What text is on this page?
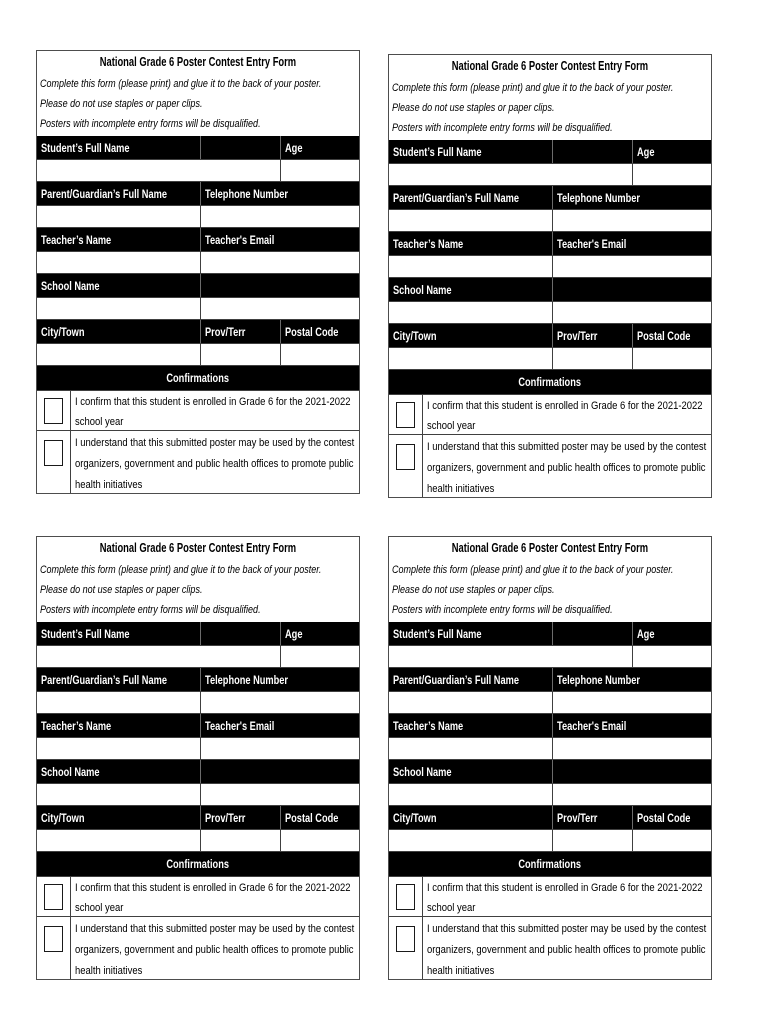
National Grade 6 Poster Contest Entry Form
Complete this form (please print) and glue it to the back of your poster.
Please do not use staples or paper clips.
Posters with incomplete entry forms will be disqualified.
Student’s Full Name	Age
Parent/Guardian’s Full Name	Telephone Number
Teacher’s Name	Teacher's Email
School Name
City/Town	Prov/Terr	Postal Code
Confirmations
I confirm that this student is enrolled in Grade 6 for the 2021-2022
school year
I understand that this submitted poster may be used by the contest
organizers, government and public health offices to promote public
health initiatives
National Grade 6 Poster Contest Entry Form
Complete this form (please print) and glue it to the back of your poster.
Please do not use staples or paper clips.
Posters with incomplete entry forms will be disqualified.
Student’s Full Name	Age
Parent/Guardian’s Full Name	Telephone Number
Teacher’s Name	Teacher's Email
School Name
City/Town	Prov/Terr	Postal Code
Confirmations
I confirm that this student is enrolled in Grade 6 for the 2021-2022
school year
I understand that this submitted poster may be used by the contest
organizers, government and public health offices to promote public
health initiatives
National Grade 6 Poster Contest Entry Form
Complete this form (please print) and glue it to the back of your poster.
Please do not use staples or paper clips.
Posters with incomplete entry forms will be disqualified.
Student’s Full Name	Age
Parent/Guardian’s Full Name	Telephone Number
Teacher’s Name	Teacher's Email
School Name
City/Town	Prov/Terr	Postal Code
Confirmations
I confirm that this student is enrolled in Grade 6 for the 2021-2022
school year
I understand that this submitted poster may be used by the contest
organizers, government and public health offices to promote public
health initiatives
National Grade 6 Poster Contest Entry Form
Complete this form (please print) and glue it to the back of your poster.
Please do not use staples or paper clips.
Posters with incomplete entry forms will be disqualified.
Student’s Full Name	Age
Parent/Guardian’s Full Name	Telephone Number
Teacher’s Name	Teacher's Email
School Name
City/Town	Prov/Terr	Postal Code
Confirmations
I confirm that this student is enrolled in Grade 6 for the 2021-2022
school year
I understand that this submitted poster may be used by the contest
organizers, government and public health offices to promote public
health initiatives
